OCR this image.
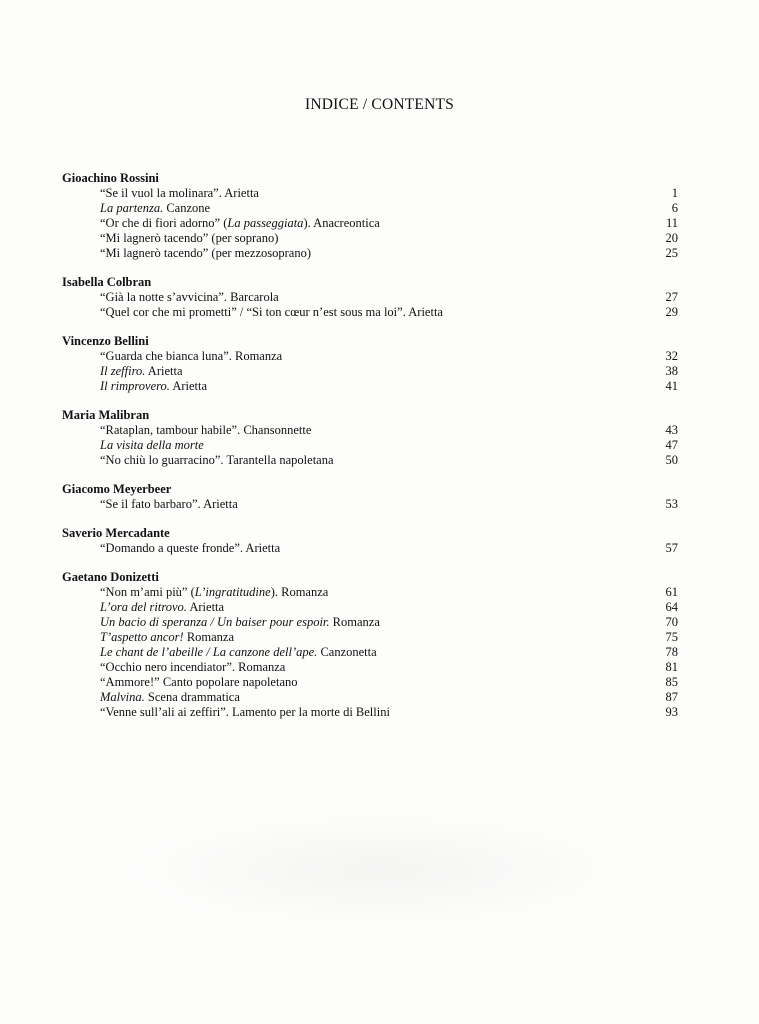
INDICE / CONTENTS
Gioachino Rossini
“Se il vuol la molinara”. Arietta	1
La partenza. Canzone	6
“Or che di fiori adorno” (La passeggiata). Anacreontica	11
“Mi lagnerò tacendo” (per soprano)	20
“Mi lagnerò tacendo” (per mezzosoprano)	25
Isabella Colbran
“Già la notte s’avvicina”. Barcarola	27
“Quel cor che mi prometti” / “Si ton cœur n’est sous ma loi”. Arietta	29
Vincenzo Bellini
“Guarda che bianca luna”. Romanza	32
Il zeffiro. Arietta	38
Il rimprovero. Arietta	41
Maria Malibran
“Rataplan, tambour habile”. Chansonnette	43
La visita della morte	47
“No chiù lo guarracino”. Tarantella napoletana	50
Giacomo Meyerbeer
“Se il fato barbaro”. Arietta	53
Saverio Mercadante
“Domando a queste fronde”. Arietta	57
Gaetano Donizetti
“Non m’ami più” (L’ingratitudine). Romanza	61
L’ora del ritrovo. Arietta	64
Un bacio di speranza / Un baiser pour espoir. Romanza	70
T’aspetto ancor! Romanza	75
Le chant de l’abeille / La canzone dell’ape. Canzonetta	78
“Occhio nero incendiator”. Romanza	81
“Ammore!” Canto popolare napoletano	85
Malvina. Scena drammatica	87
“Venne sull’ali ai zeffiri”. Lamento per la morte di Bellini	93
